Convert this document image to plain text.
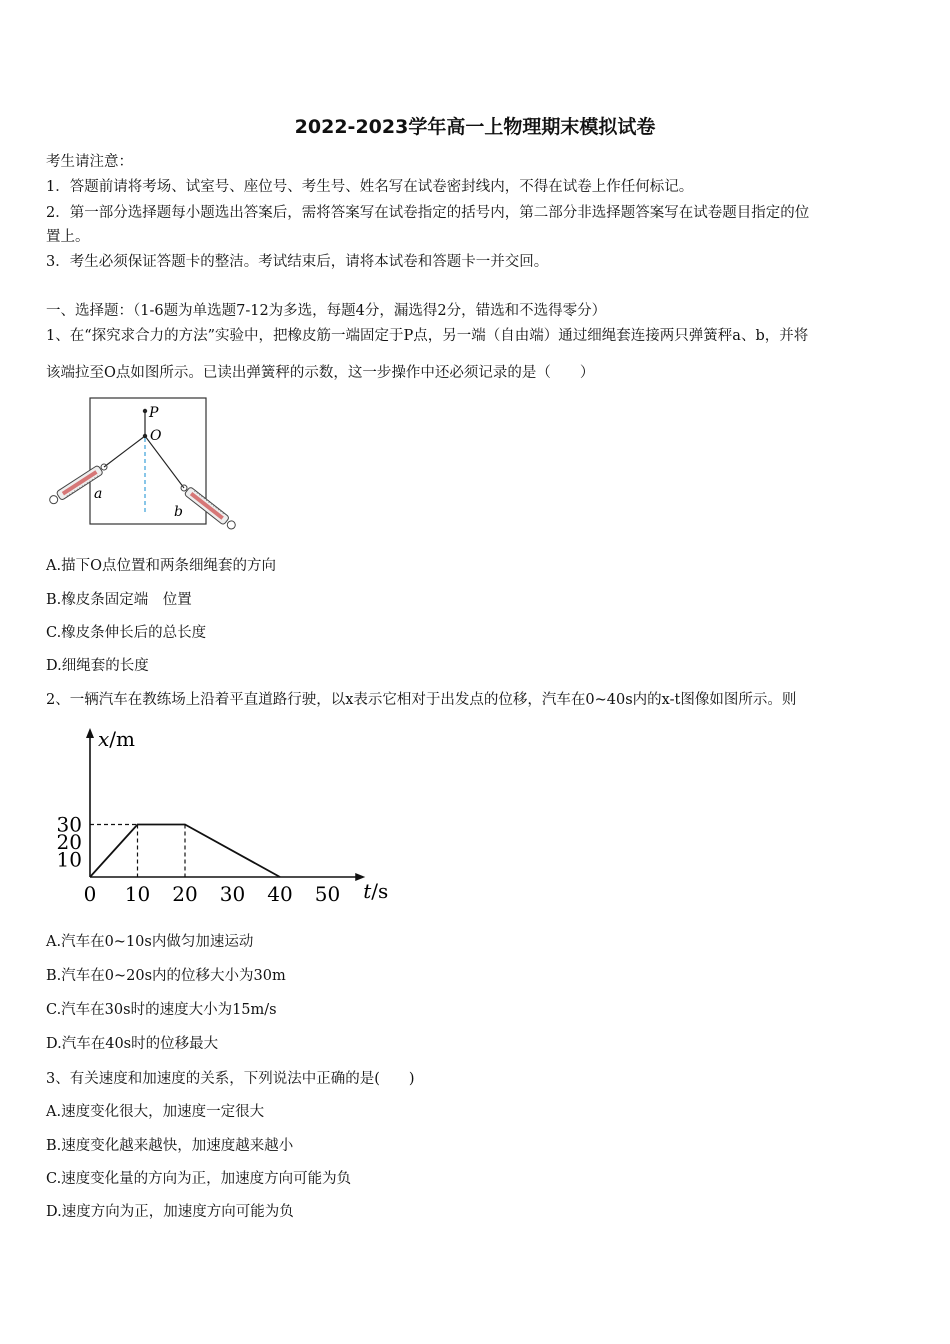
2022-2023学年高一上物理期末模拟试卷
考生请注意：
1．答题前请将考场、试室号、座位号、考生号、姓名写在试卷密封线内，不得在试卷上作任何标记。
2．第一部分选择题每小题选出答案后，需将答案写在试卷指定的括号内，第二部分非选择题答案写在试卷题目指定的位
置上。
3．考生必须保证答题卡的整洁。考试结束后，请将本试卷和答题卡一并交回。
一、选择题：（1-6题为单选题7-12为多选，每题4分，漏选得2分，错选和不选得零分）
1、在“探究求合力的方法”实验中，把橡皮筋一端固定于P点，另一端（自由端）通过细绳套连接两只弹簧秤a、b，并将
该端拉至O点如图所示。已读出弹簧秤的示数，这一步操作中还必须记录的是（　　）
P
O
a
b
A.描下O点位置和两条细绳套的方向
B.橡皮条固定端　位置
C.橡皮条伸长后的总长度
D.细绳套的长度
2、一辆汽车在教练场上沿着平直道路行驶，以x表示它相对于出发点的位移，汽车在0~40s内的x-t图像如图所示。则
t/s
x/m
0 10 20 30 40 50
10
20
30
A.汽车在0~10s内做匀加速运动
B.汽车在0~20s内的位移大小为30m
C.汽车在30s时的速度大小为15m/s
D.汽车在40s时的位移最大
3、有关速度和加速度的关系，下列说法中正确的是(　　)
A.速度变化很大，加速度一定很大
B.速度变化越来越快，加速度越来越小
C.速度变化量的方向为正，加速度方向可能为负
D.速度方向为正，加速度方向可能为负
